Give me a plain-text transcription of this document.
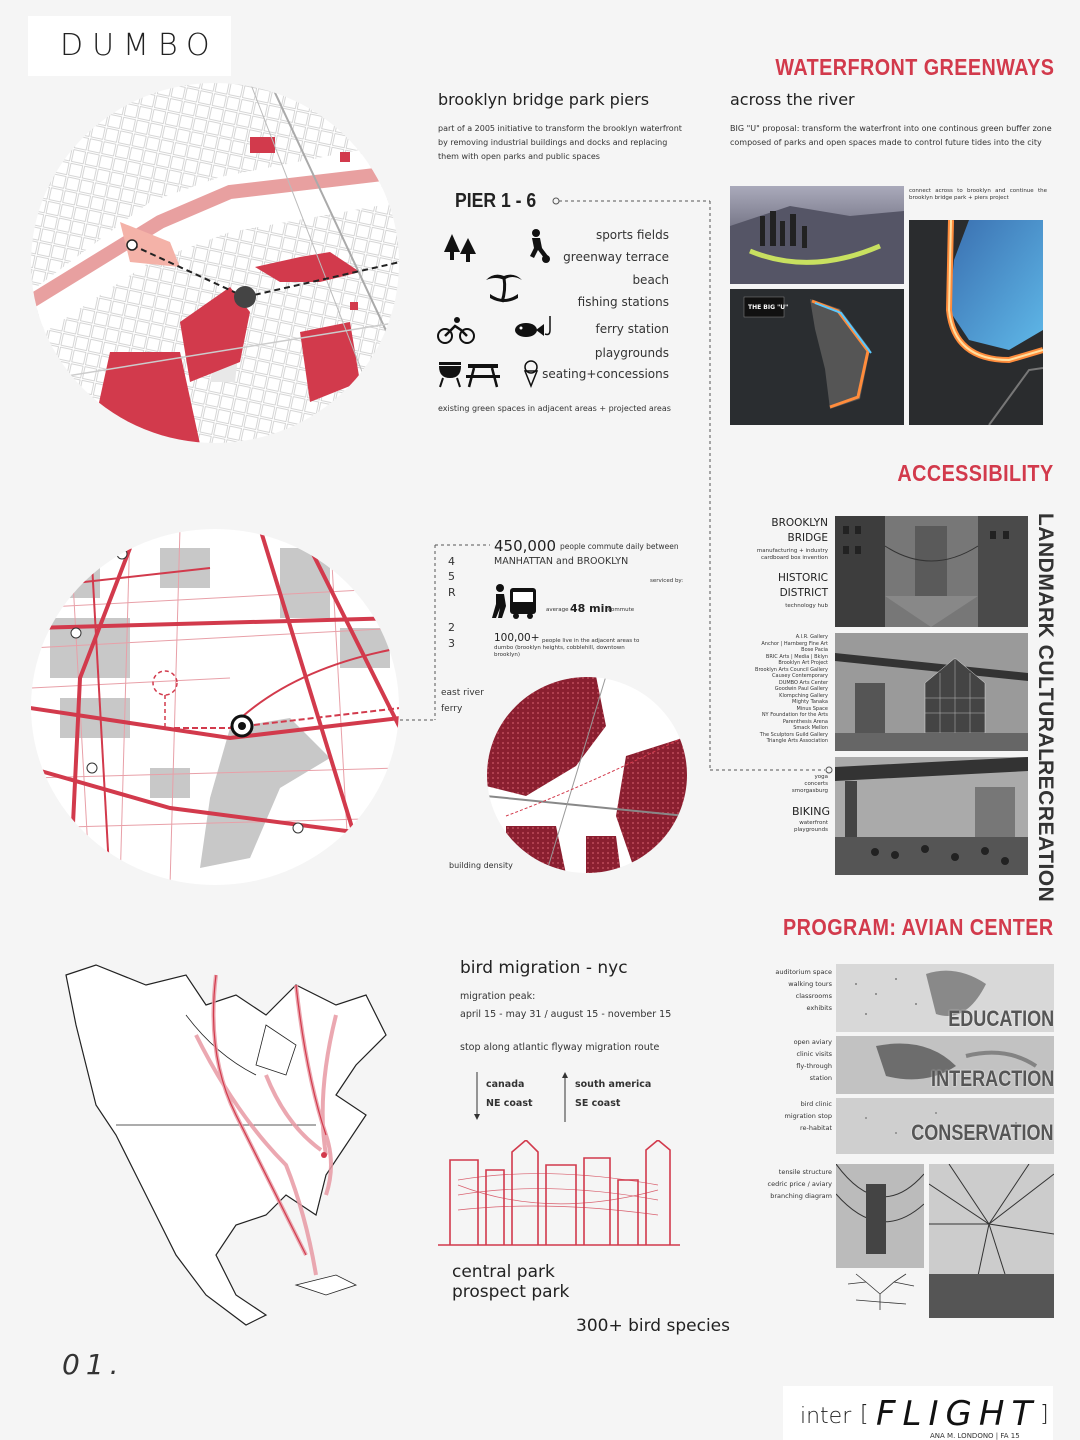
DUMBO
brooklyn bridge park piers
part of a 2005 initiative to transform the brooklyn waterfront by removing industrial buildings and docks and replacing them with open parks and public spaces
PIER 1 - 6
sports fields
greenway terrace
beach
fishing stations
ferry station
playgrounds
seating+concessions
existing green spaces in adjacent areas + projected areas
WATERFRONT GREENWAYS
across the river
BIG "U" proposal: transform the waterfront into one continous green buffer zone composed of parks and open spaces made to control future tides into the city
THE BIG "U"
connect across to brooklyn and continue the brooklyn bridge park + piers project
ACCESSIBILITY
450,000 people commute daily between
MANHATTAN and BROOKLYN
serviced by:
4
5
R
2
3
average 48 min
commute
100,00+ people live in the adjacent areas to dumbo (brooklyn heights, cobblehill, downtown brooklyn)
east river
ferry
building density
LANDMARK CULTURAL
RECREATION
BROOKLYN
BRIDGE
manufacturing + industry
cardboard box invention
HISTORIC
DISTRICT
technology hub
A.I.R. Gallery
Anchor | Harnberg Fine Art
Bose Pacia
BRIC Arts | Media | Bklyn
Brooklyn Art Project
Brooklyn Arts Council Gallery
Causey Contemporary
DUMBO Arts Center
Goodwin Paul Gallery
Klompching Gallery
Mighty Tanaka
Minus Space
NY Foundation for the Arts
Parenthesis Arena
Smack Mellon
The Sculptors Guild Gallery
Triangle Arts Association
yoga
concerts
smorgasburg
BIKING
waterfront
playgrounds
PROGRAM: AVIAN CENTER
bird migration - nyc
migration peak:
april 15 - may 31 / august 15 - november 15
stop along atlantic flyway migration route
canada
NE coast
south america
SE coast
central park
prospect park
300+ bird species
EDUCATION
INTERACTION
CONSERVATION
auditorium space
walking tours
classrooms
exhibits
open aviary
clinic visits
fly-through
station
bird clinic
migration stop
re-habitat
tensile structure
cedric price / aviary
branching diagram
01.
inter [ FLIGHT ]
ANA M. LONDONO | FA 15
